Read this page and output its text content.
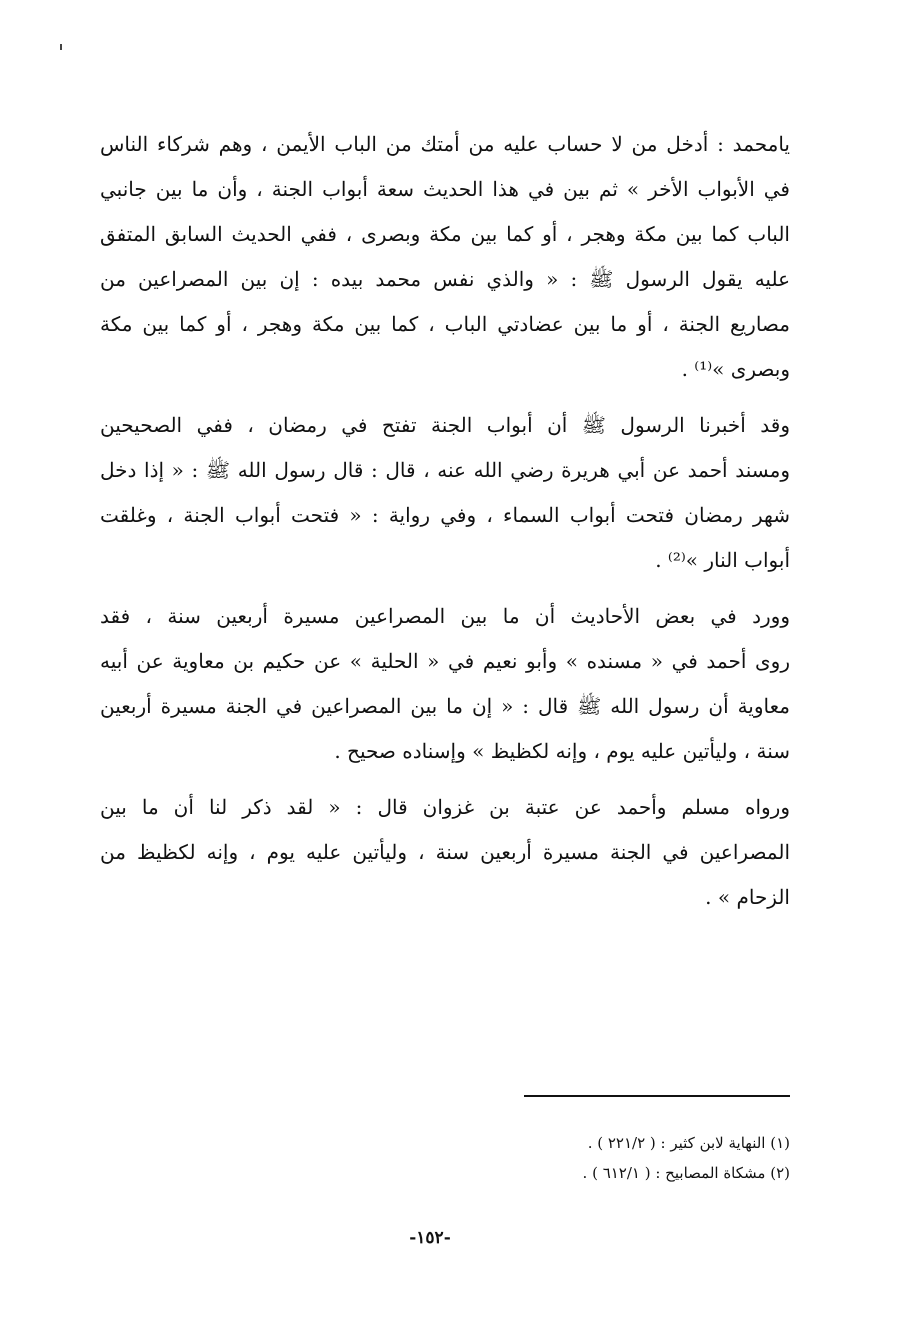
يامحمد : أدخل من لا حساب عليه من أمتك من الباب الأيمن ، وهم شركاء الناس
في الأبواب الأخر » ثم بين في هذا الحديث سعة أبواب الجنة ، وأن ما بين جانبي
الباب كما بين مكة وهجر ، أو كما بين مكة وبصرى ، ففي الحديث السابق المتفق
عليه يقول الرسول ﷺ : « والذي نفس محمد بيده : إن بين المصراعين من
مصاريع الجنة ، أو ما بين عضادتي الباب ، كما بين مكة وهجر ، أو كما بين مكة
وبصرى »⁽¹⁾ .
وقد أخبرنا الرسول ﷺ أن أبواب الجنة تفتح في رمضان ، ففي الصحيحين
ومسند أحمد عن أبي هريرة رضي الله عنه ، قال : قال رسول الله ﷺ : « إذا دخل
شهر رمضان فتحت أبواب السماء ، وفي رواية : « فتحت أبواب الجنة ، وغلقت
أبواب النار »⁽²⁾ .
وورد في بعض الأحاديث أن ما بين المصراعين مسيرة أربعين سنة ، فقد
روى أحمد في « مسنده » وأبو نعيم في « الحلية » عن حكيم بن معاوية عن أبيه
معاوية أن رسول الله ﷺ قال : « إن ما بين المصراعين في الجنة مسيرة أربعين
سنة ، وليأتين عليه يوم ، وإنه لكظيظ » وإسناده صحيح .
ورواه مسلم وأحمد عن عتبة بن غزوان قال : « لقد ذكر لنا أن ما بين
المصراعين في الجنة مسيرة أربعين سنة ، وليأتين عليه يوم ، وإنه لكظيظ من
الزحام » .
(١) النهاية لابن كثير : ( ٢٢١/٢ ) .
(٢) مشكاة المصابيح : ( ٦١٢/١ ) .
-١٥٢-
